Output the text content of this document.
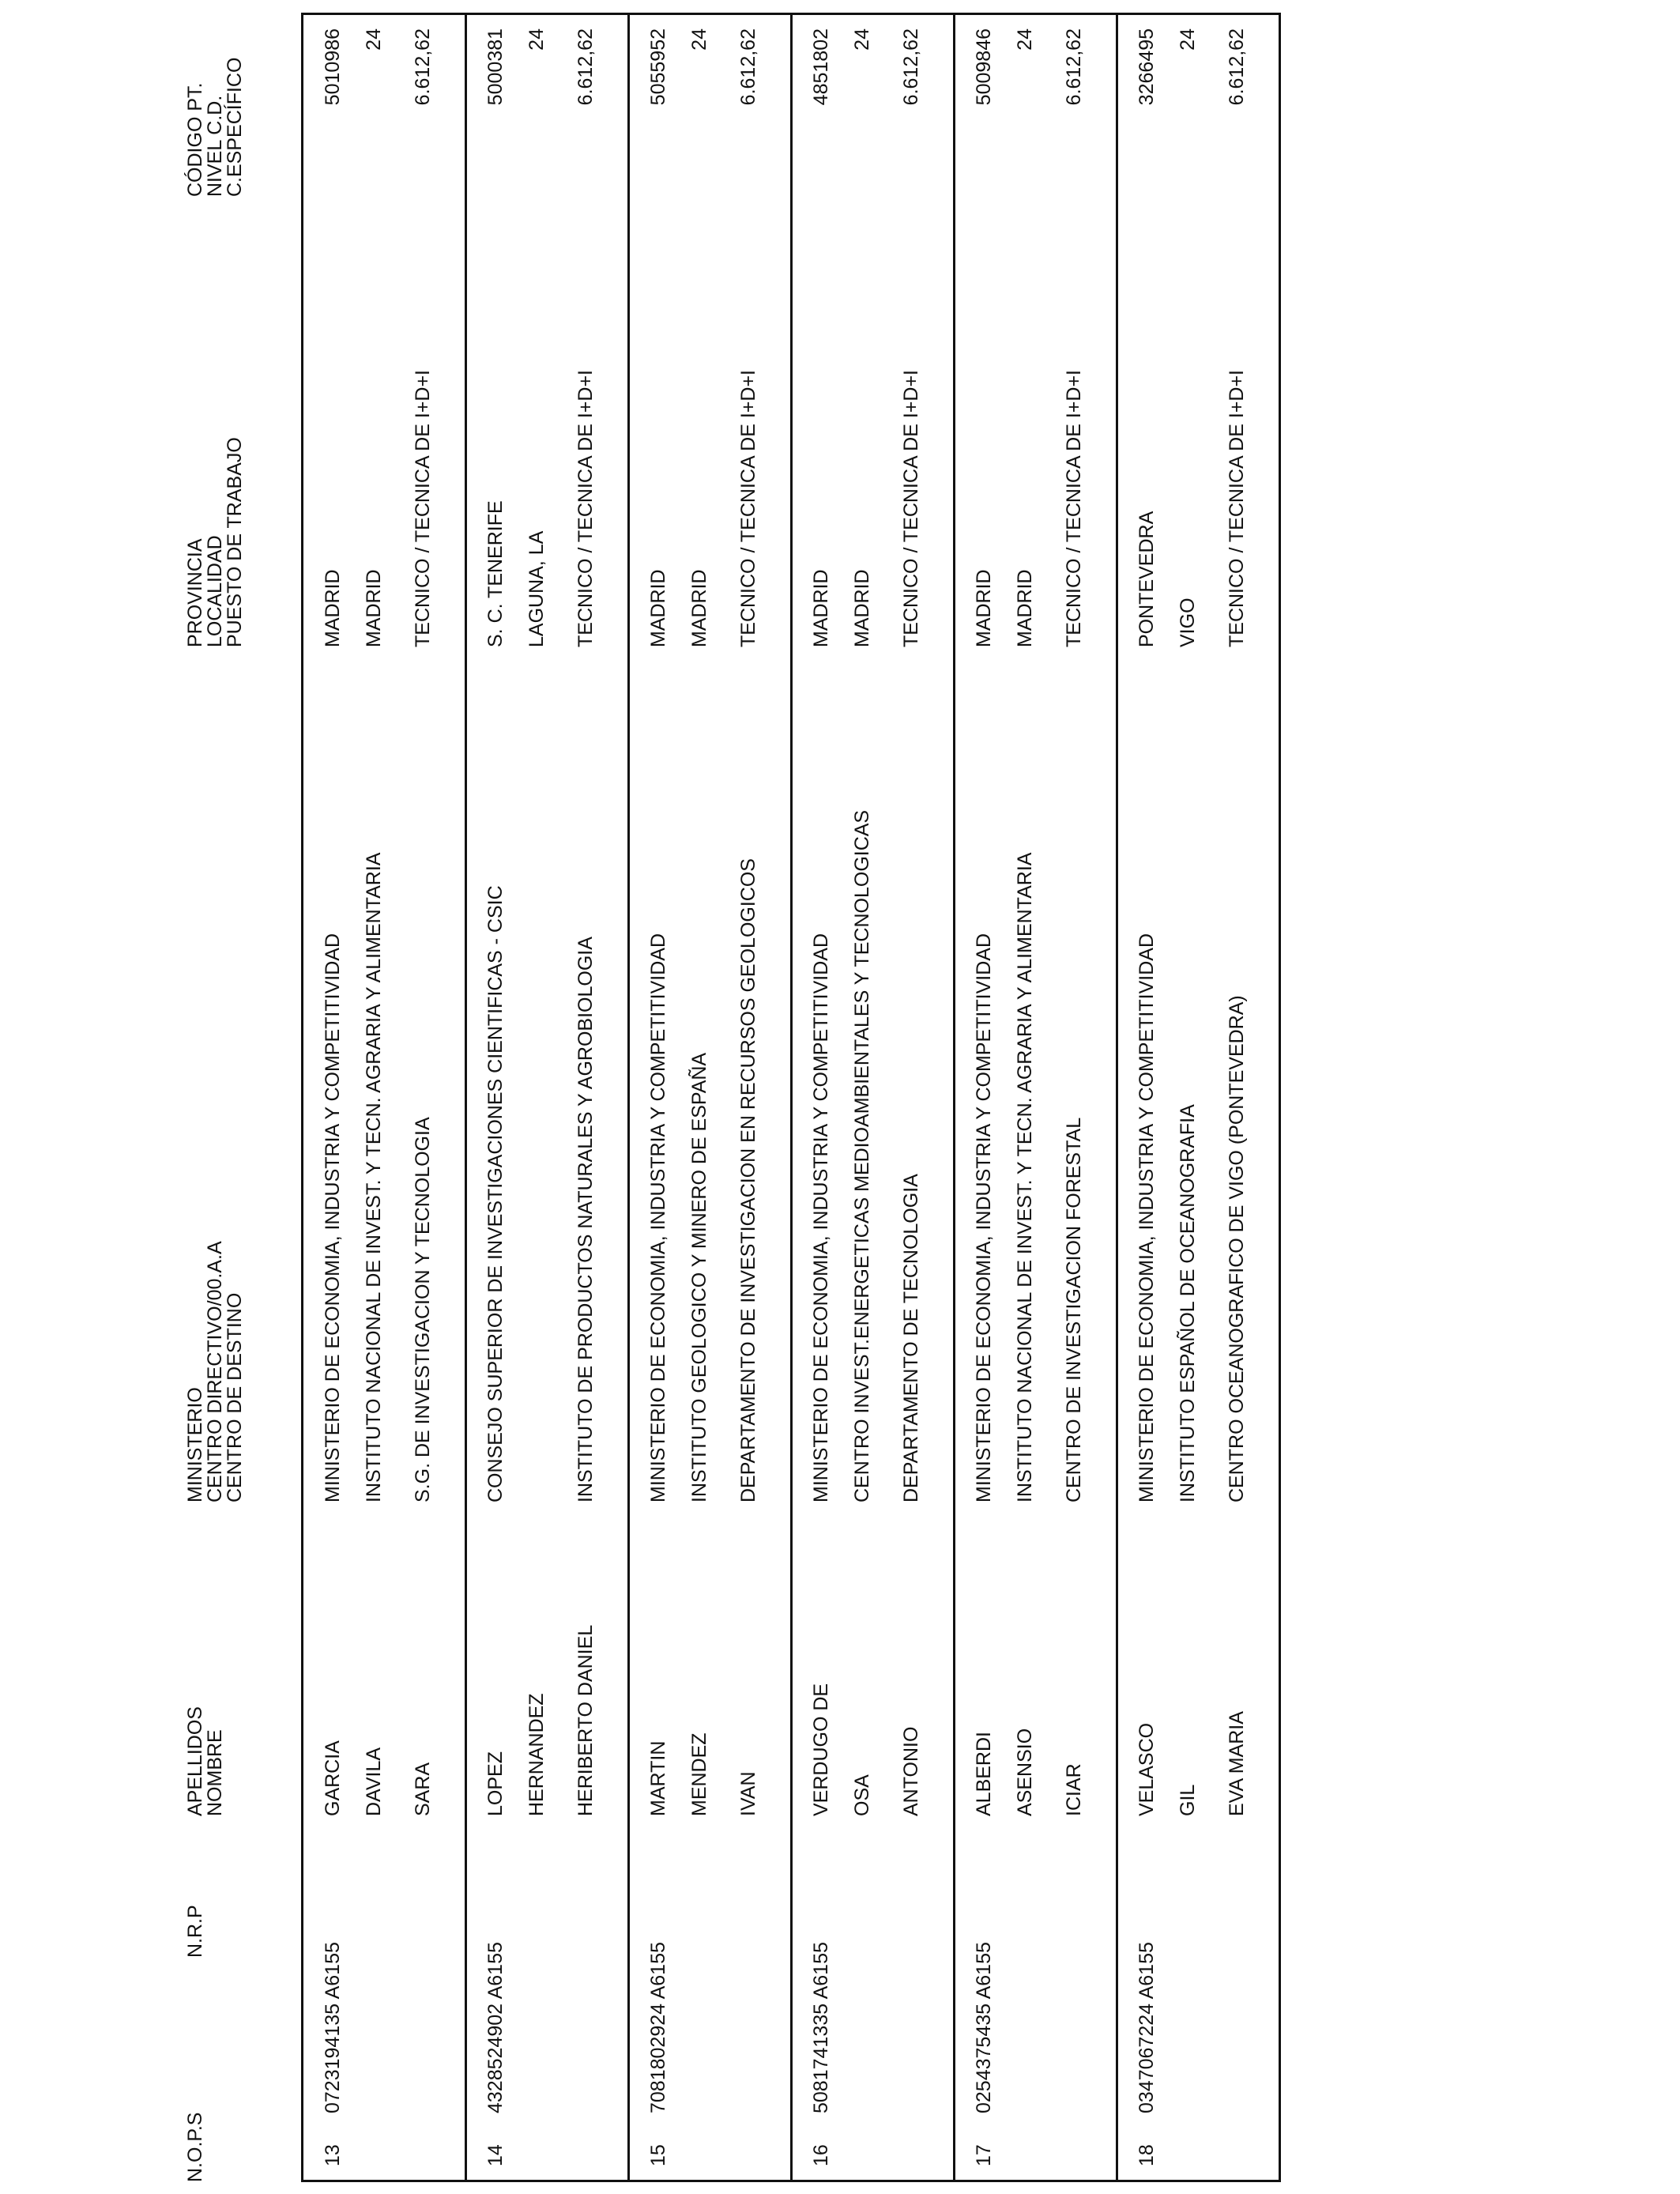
N.O.P.S
N.R.P
APELLIDOS
NOMBRE
MINISTERIO
CENTRO DIRECTIVO/00.A.A
CENTRO DE DESTINO
PROVINCIA
LOCALIDAD
PUESTO DE TRABAJO
CÓDIGO PT.
NIVEL C.D.
C.ESPECÍFICO
13
0723194135 A6155
GARCIA DAVILA SARA
MINISTERIO DE ECONOMIA, INDUSTRIA Y COMPETITIVIDAD INSTITUTO NACIONAL DE INVEST. Y TECN. AGRARIA Y ALIMENTARIA S.G. DE INVESTIGACION Y TECNOLOGIA
MADRID MADRID TECNICO / TECNICA DE I+D+I
5010986 24 6.612,62
14
4328524902 A6155
LOPEZ HERNANDEZ HERIBERTO DANIEL
CONSEJO SUPERIOR DE INVESTIGACIONES CIENTIFICAS - CSIC	INSTITUTO DE PRODUCTOS NATURALES Y AGROBIOLOGIA
S. C. TENERIFE LAGUNA, LA TECNICO / TECNICA DE I+D+I
5000381 24 6.612,62
15
7081802924 A6155
MARTIN MENDEZ IVAN
MINISTERIO DE ECONOMIA, INDUSTRIA Y COMPETITIVIDAD INSTITUTO GEOLOGICO Y MINERO DE ESPAÑA DEPARTAMENTO DE INVESTIGACION EN RECURSOS GEOLOGICOS
MADRID MADRID TECNICO / TECNICA DE I+D+I
5055952 24 6.612,62
16
5081741335 A6155
VERDUGO DE OSA ANTONIO
MINISTERIO DE ECONOMIA, INDUSTRIA Y COMPETITIVIDAD CENTRO INVEST.ENERGETICAS MEDIOAMBIENTALES Y TECNOLOGICAS DEPARTAMENTO DE TECNOLOGIA
MADRID MADRID TECNICO / TECNICA DE I+D+I
4851802 24 6.612,62
17
0254375435 A6155
ALBERDI ASENSIO ICIAR
MINISTERIO DE ECONOMIA, INDUSTRIA Y COMPETITIVIDAD INSTITUTO NACIONAL DE INVEST. Y TECN. AGRARIA Y ALIMENTARIA CENTRO DE INVESTIGACION FORESTAL
MADRID MADRID TECNICO / TECNICA DE I+D+I
5009846 24 6.612,62
18
0347067224 A6155
VELASCO GIL EVA MARIA
MINISTERIO DE ECONOMIA, INDUSTRIA Y COMPETITIVIDAD INSTITUTO ESPAÑOL DE OCEANOGRAFIA CENTRO OCEANOGRAFICO DE VIGO (PONTEVEDRA)
PONTEVEDRA VIGO TECNICO / TECNICA DE I+D+I
3266495 24 6.612,62
